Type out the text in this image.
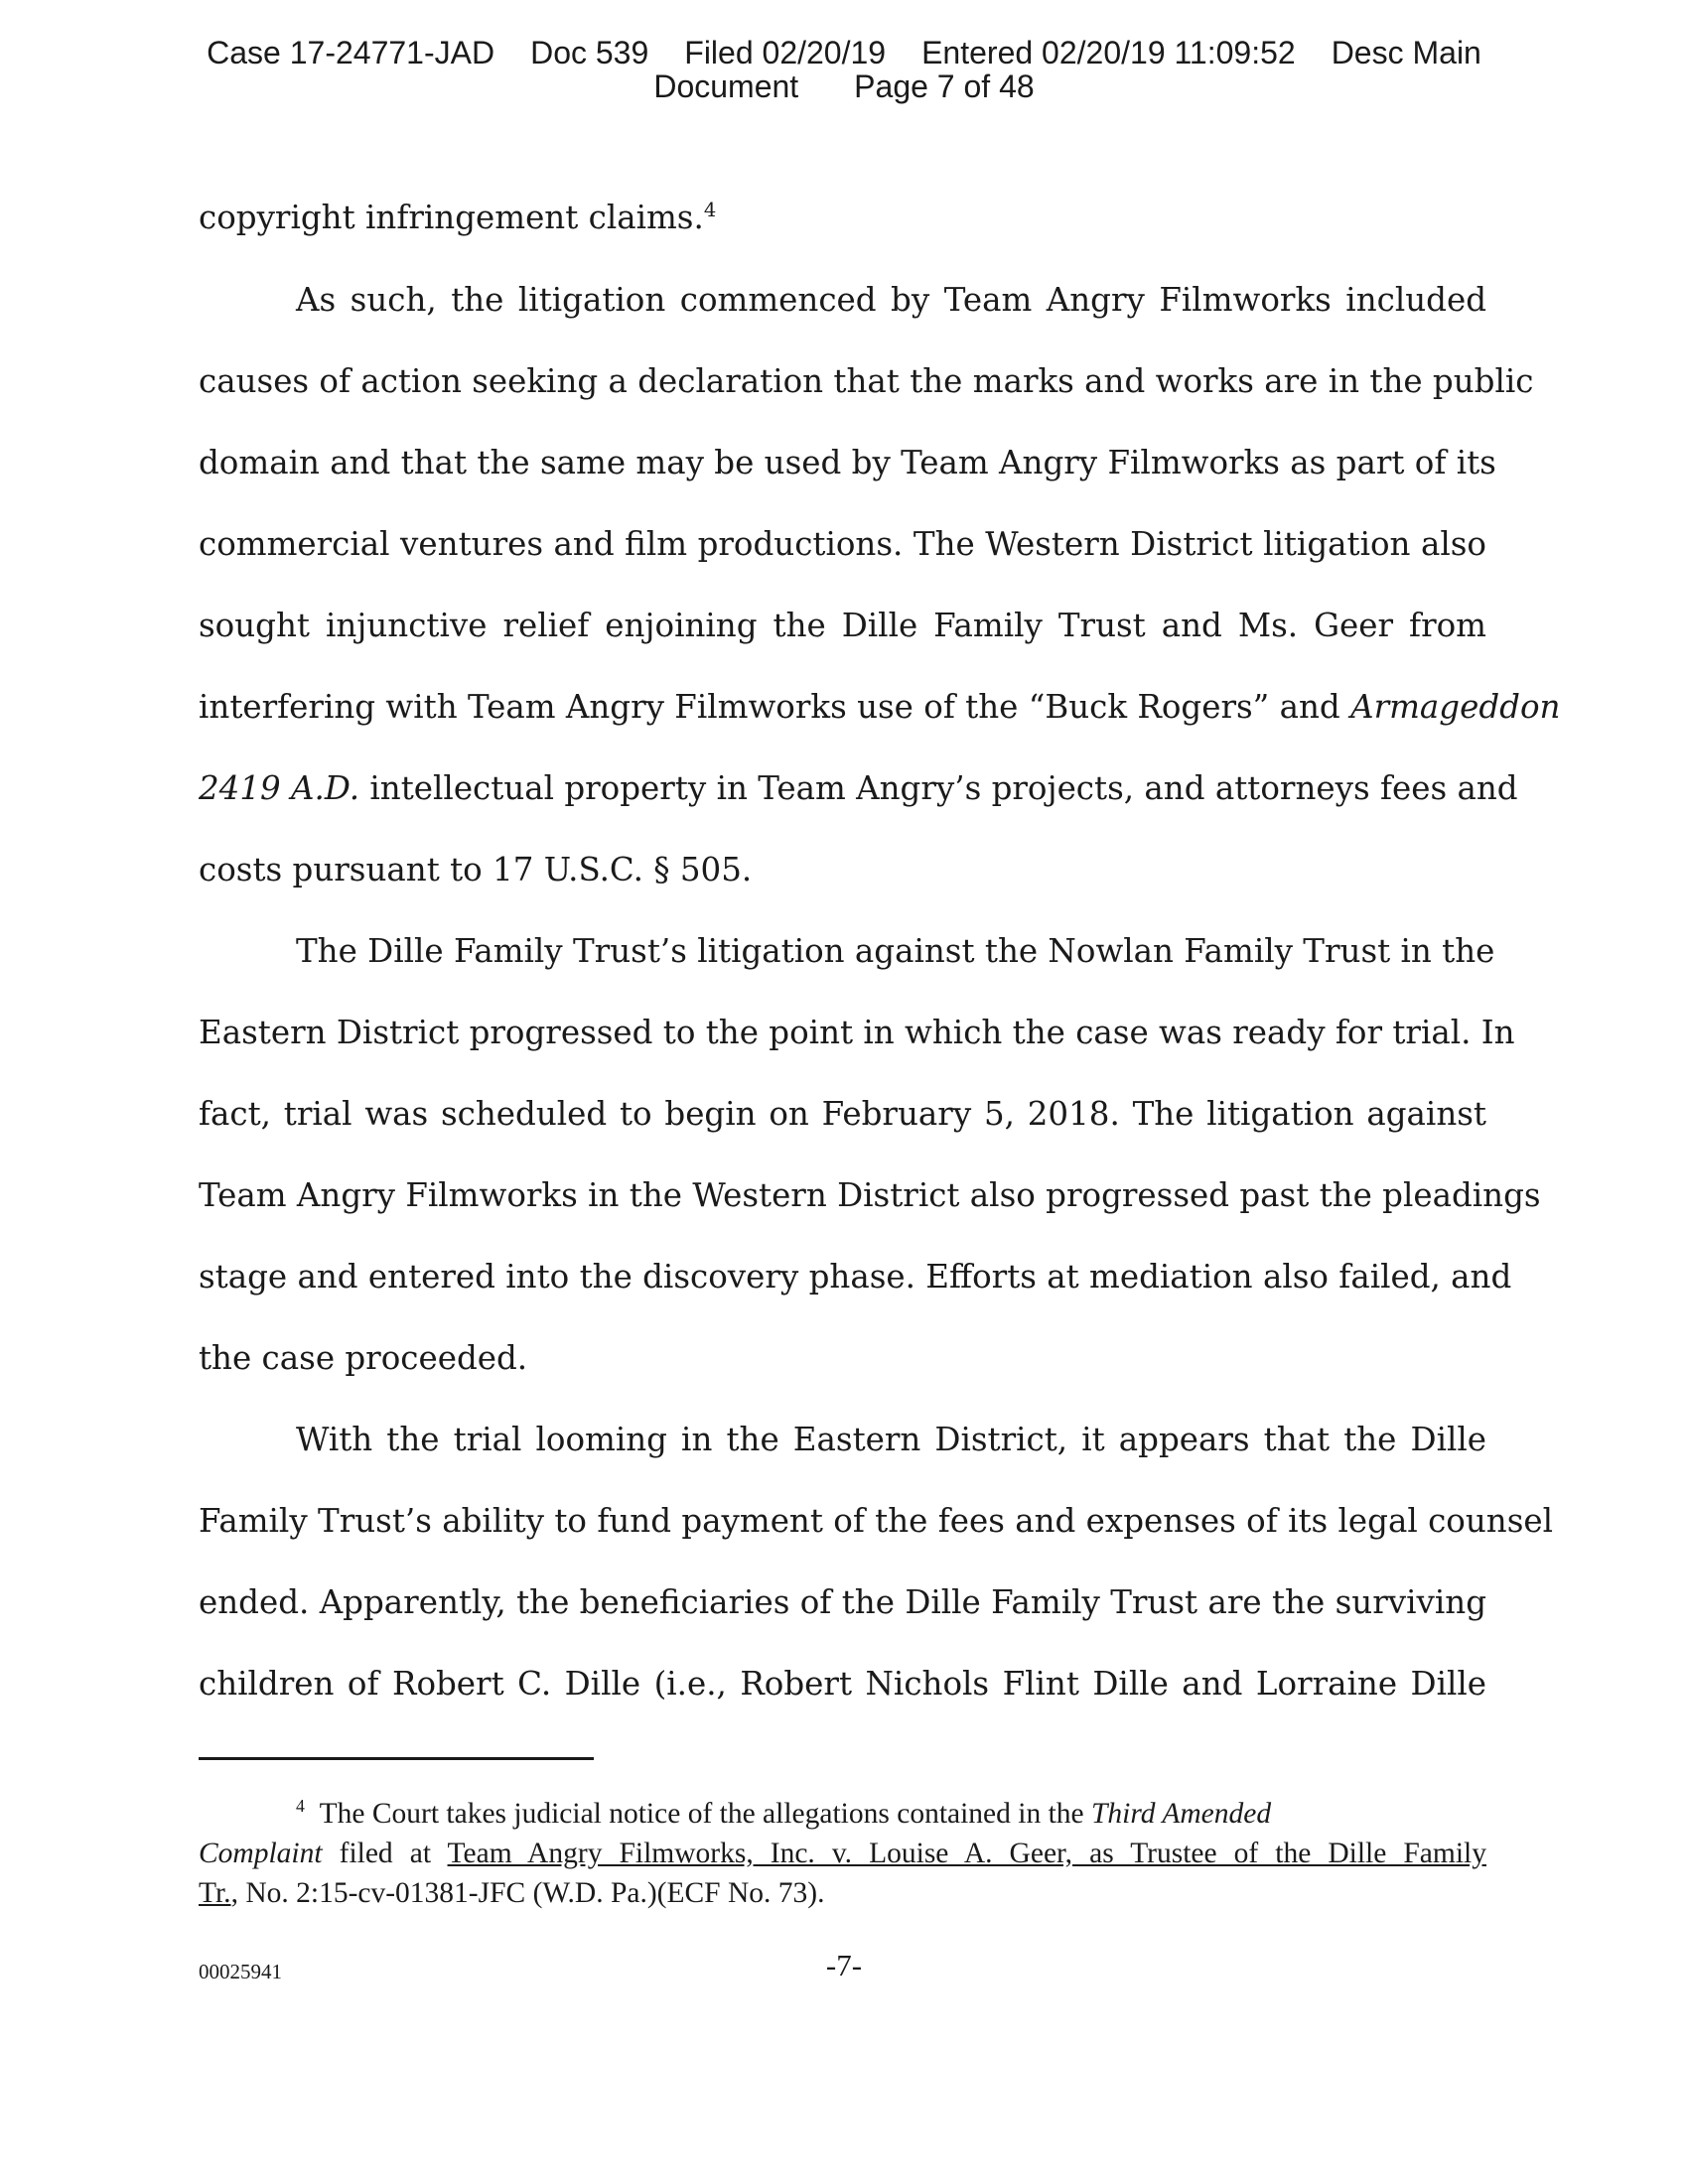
Case 17-24771-JAD Doc 539 Filed 02/20/19 Entered 02/20/19 11:09:52 Desc Main
Document Page 7 of 48
copyright infringement claims.$^4$
As such, the litigation commenced by Team Angry Filmworks included
causes of action seeking a declaration that the marks and works are in the public
domain and that the same may be used by Team Angry Filmworks as part of its
commercial ventures and film productions. The Western District litigation also
sought injunctive relief enjoining the Dille Family Trust and Ms. Geer from
interfering with Team Angry Filmworks use of the “Buck Rogers” and Armageddon
2419 A.D. intellectual property in Team Angry’s projects, and attorneys fees and
costs pursuant to 17 U.S.C. § 505.
The Dille Family Trust’s litigation against the Nowlan Family Trust in the
Eastern District progressed to the point in which the case was ready for trial. In
fact, trial was scheduled to begin on February 5, 2018. The litigation against
Team Angry Filmworks in the Western District also progressed past the pleadings
stage and entered into the discovery phase. Efforts at mediation also failed, and
the case proceeded.
With the trial looming in the Eastern District, it appears that the Dille
Family Trust’s ability to fund payment of the fees and expenses of its legal counsel
ended. Apparently, the beneficiaries of the Dille Family Trust are the surviving
children of Robert C. Dille (i.e., Robert Nichols Flint Dille and Lorraine Dille
$^4$ The Court takes judicial notice of the allegations contained in the Third Amended
Complaint filed at Team Angry Filmworks, Inc. v. Louise A. Geer, as Trustee of the Dille Family
Tr., No. 2:15-cv-01381-JFC (W.D. Pa.)(ECF No. 73).
00025941	-7-
